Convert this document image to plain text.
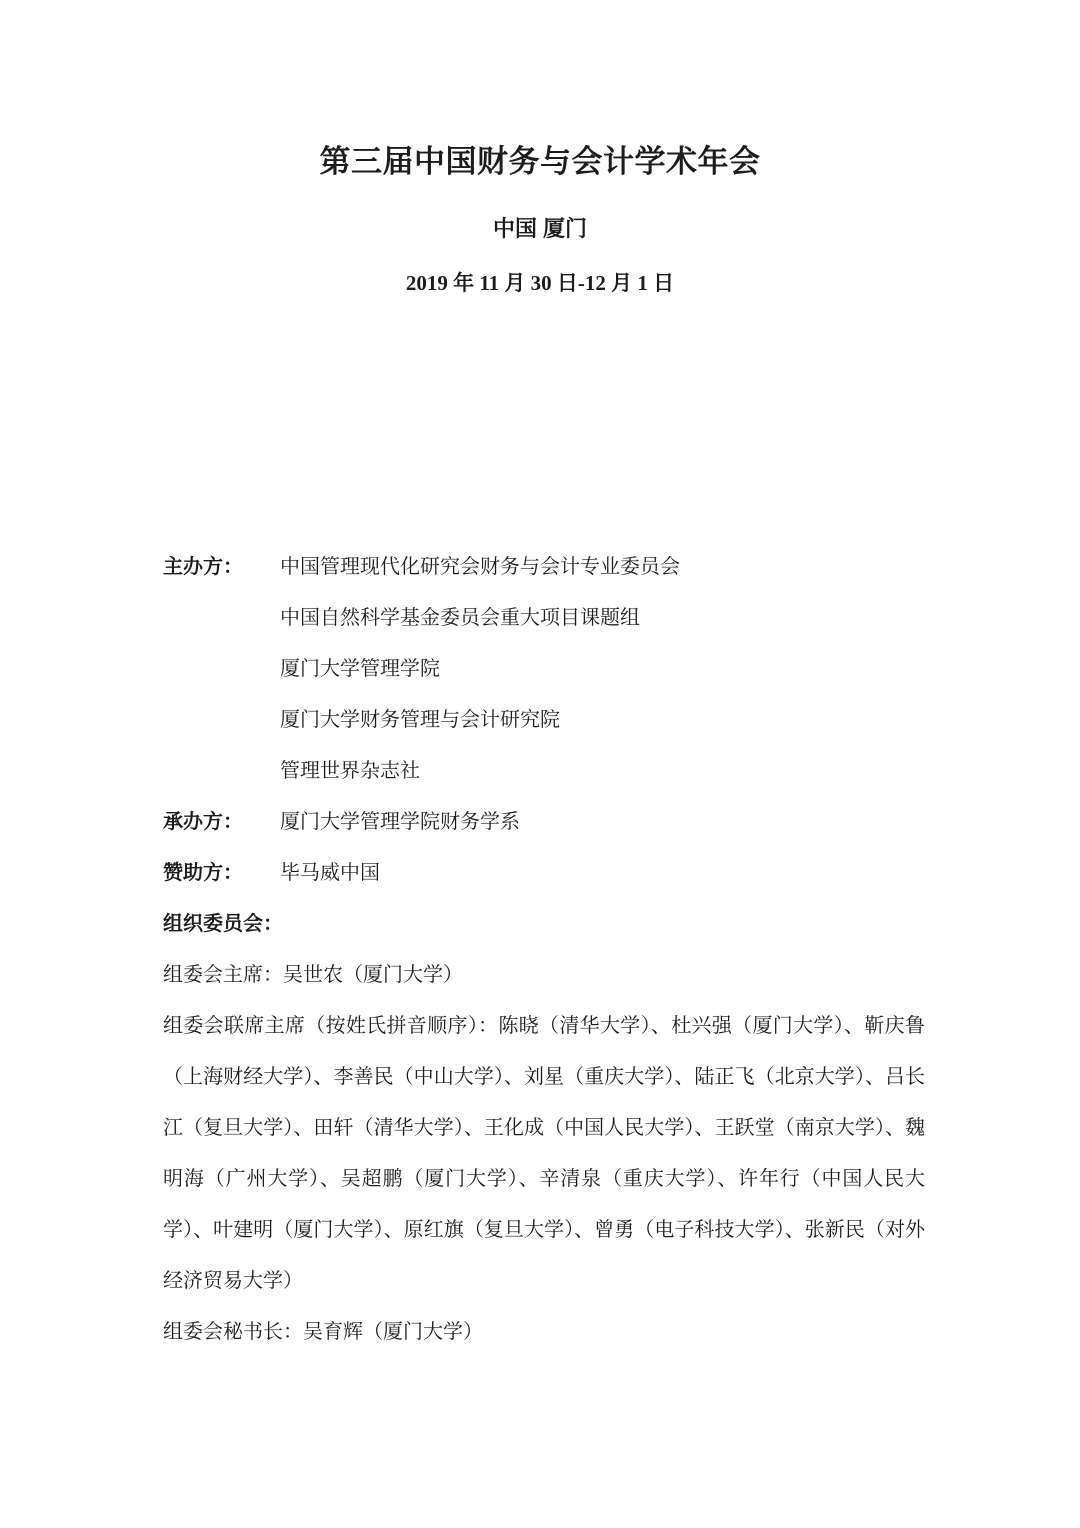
第三届中国财务与会计学术年会
中国 厦门
2019 年 11 月 30 日-12 月 1 日
主办方：	中国管理现代化研究会财务与会计专业委员会
中国自然科学基金委员会重大项目课题组
厦门大学管理学院
厦门大学财务管理与会计研究院
管理世界杂志社
承办方：	厦门大学管理学院财务学系
赞助方：	毕马威中国
组织委员会：
组委会主席：吴世农（厦门大学）

组委会联席主席（按姓氏拼音顺序）：陈晓（清华大学）、杜兴强（厦门大学）、靳庆鲁（上海财经大学）、李善民（中山大学）、刘星（重庆大学）、陆正飞（北京大学）、吕长江（复旦大学）、田轩（清华大学）、王化成（中国人民大学）、王跃堂（南京大学）、魏明海（广州大学）、吴超鹏（厦门大学）、辛清泉（重庆大学）、许年行（中国人民大学）、叶建明（厦门大学）、原红旗（复旦大学）、曾勇（电子科技大学）、张新民（对外经济贸易大学）

组委会秘书长：吴育辉（厦门大学）
